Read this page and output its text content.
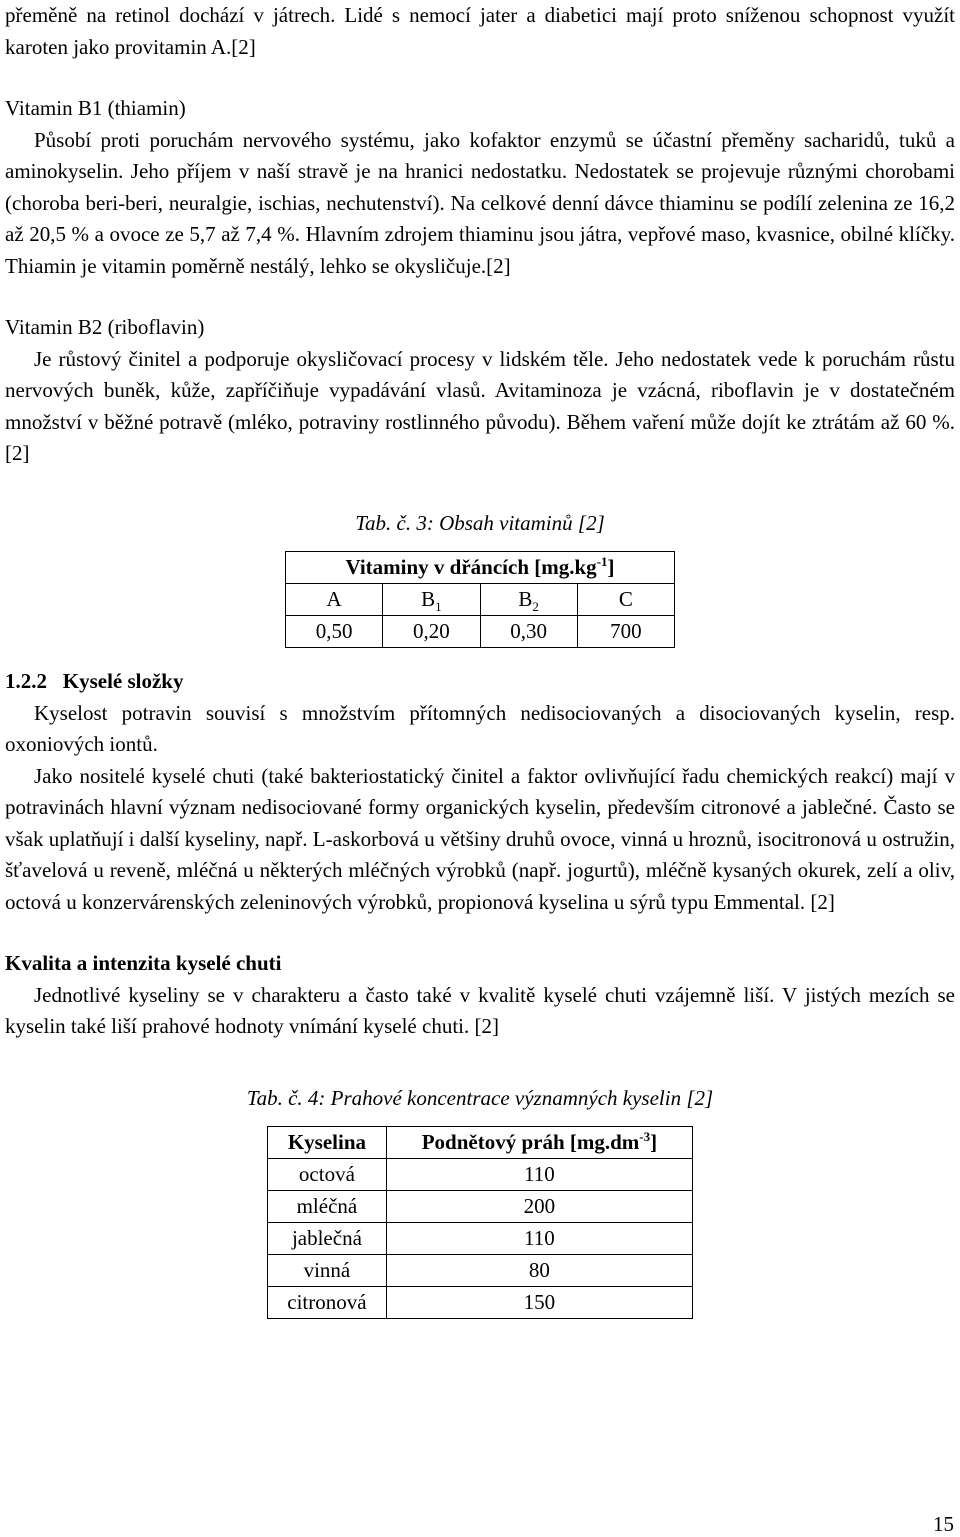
přeměně na retinol dochází v játrech. Lidé s nemocí jater a diabetici mají proto sníženou schopnost využít karoten jako provitamin A.[2]

Vitamin B1 (thiamin)

Působí proti poruchám nervového systému, jako kofaktor enzymů se účastní přeměny sacharidů, tuků a aminokyselin. Jeho příjem v naší stravě je na hranici nedostatku. Nedostatek se projevuje různými chorobami (choroba beri-beri, neuralgie, ischias, nechutenství). Na celkové denní dávce thiaminu se podílí zelenina ze 16,2 až 20,5 % a ovoce ze 5,7 až 7,4 %. Hlavním zdrojem thiaminu jsou játra, vepřové maso, kvasnice, obilné klíčky. Thiamin je vitamin poměrně nestálý, lehko se okysličuje.[2]

Vitamin B2 (riboflavin)

Je růstový činitel a podporuje okysličovací procesy v lidském těle. Jeho nedostatek vede k poruchám růstu nervových buněk, kůže, zapříčiňuje vypadávání vlasů. Avitaminoza je vzácná, riboflavin je v dostatečném množství v běžné potravě (mléko, potraviny rostlinného původu). Během vaření může dojít ke ztrátám až 60 %.[2]

Tab. č. 3: Obsah vitaminů [2]

Vitaminy v dřáncích $[mg.kg^{-1}]$			
A	$B_1$	$B_2$	C
0,50	0,20	0,30	700

1.2.2   Kyselé složky

Kyselost potravin souvisí s množstvím přítomných nedisociovaných a disociovaných kyselin, resp. oxoniových iontů.

Jako nositelé kyselé chuti (také bakteriostatický činitel a faktor ovlivňující řadu chemických reakcí) mají v potravinách hlavní význam nedisociované formy organických kyselin, především citronové a jablečné. Často se však uplatňují i další kyseliny, např. L-askorbová u většiny druhů ovoce, vinná u hroznů, isocitronová u ostružin, šťavelová u reveně, mléčná u některých mléčných výrobků (např. jogurtů), mléčně kysaných okurek, zelí a oliv, octová u konzervárenských zeleninových výrobků, propionová kyselina u sýrů typu Emmental. [2]

Kvalita a intenzita kyselé chuti

Jednotlivé kyseliny se v charakteru a často také v kvalitě kyselé chuti vzájemně liší. V jistých mezích se kyselin také liší prahové hodnoty vnímání kyselé chuti. [2]

Tab. č. 4: Prahové koncentrace významných kyselin [2]

Kyselina	Podnětový práh $[mg.dm^{-3}]$
octová	110
mléčná	200
jablečná	110
vinná	80
citronová	150
15
